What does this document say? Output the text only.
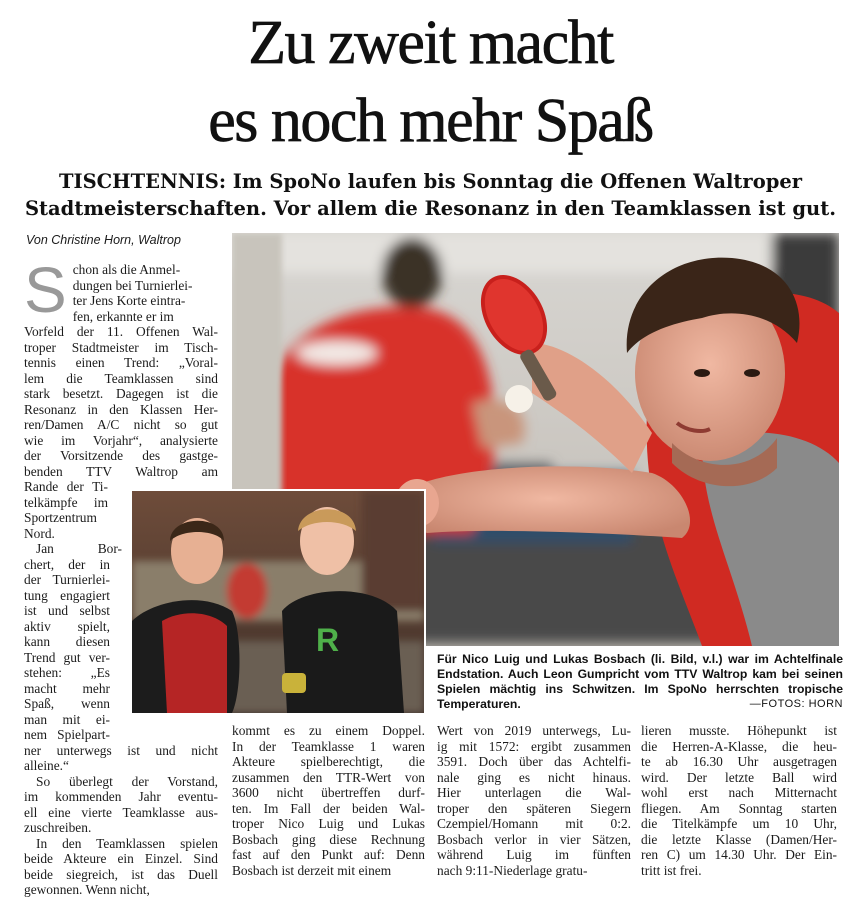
Zu zweit macht
es noch mehr Spaß
TISCHTENNIS: Im SpoNo laufen bis Sonntag die Offenen Waltroper
Stadtmeisterschaften. Vor allem die Resonanz in den Teamklassen ist gut.
Von Christine Horn, Waltrop
R
Für Nico Luig und Lukas Bosbach (li. Bild, v.l.) war im Achtelfinale Endstation. Auch Leon Gumpricht vom TTV Waltrop kam bei seinen Spielen mächtig ins Schwitzen. Im SpoNo herrschten tropische Temperaturen.	—FOTOS: HORN
S chon als die Anmel-
dungen bei Turnierlei-
ter Jens Korte eintra-
fen, erkannte er im
Vorfeld der 11. Offenen Wal-
troper Stadtmeister im Tisch-
tennis einen Trend: „Voral-
lem die Teamklassen sind
stark besetzt. Dagegen ist die
Resonanz in den Klassen Her-
ren/Damen A/C nicht so gut
wie im Vorjahr“, analysierte
der Vorsitzende des gastge-
benden TTV Waltrop am
Rande der Ti-
telkämpfe im
Sportzentrum
Nord.
Jan Bor-
chert, der in
der Turnierlei-
tung engagiert
ist und selbst
aktiv spielt,
kann diesen
Trend gut ver-
stehen: „Es
macht mehr
Spaß, wenn
man mit ei-
nem Spielpart-
ner unterwegs ist und nicht
alleine.“
So überlegt der Vorstand,
im kommenden Jahr eventu-
ell eine vierte Teamklasse aus-
zuschreiben.
In den Teamklassen spielen
beide Akteure ein Einzel. Sind
beide siegreich, ist das Duell
gewonnen. Wenn nicht,
kommt es zu einem Doppel.
In der Teamklasse 1 waren
Akteure spielberechtigt, die
zusammen den TTR-Wert von
3600 nicht übertreffen durf-
ten. Im Fall der beiden Wal-
troper Nico Luig und Lukas
Bosbach ging diese Rechnung
fast auf den Punkt auf: Denn
Bosbach ist derzeit mit einem
Wert von 2019 unterwegs, Lu-
ig mit 1572: ergibt zusammen
3591. Doch über das Achtelfi-
nale ging es nicht hinaus.
Hier unterlagen die Wal-
troper den späteren Siegern
Czempiel/Homann mit 0:2.
Bosbach verlor in vier Sätzen,
während Luig im fünften
nach 9:11-Niederlage gratu-
lieren musste. Höhepunkt ist
die Herren-A-Klasse, die heu-
te ab 16.30 Uhr ausgetragen
wird. Der letzte Ball wird
wohl erst nach Mitternacht
fliegen. Am Sonntag starten
die Titelkämpfe um 10 Uhr,
die letzte Klasse (Damen/Her-
ren C) um 14.30 Uhr. Der Ein-
tritt ist frei.
